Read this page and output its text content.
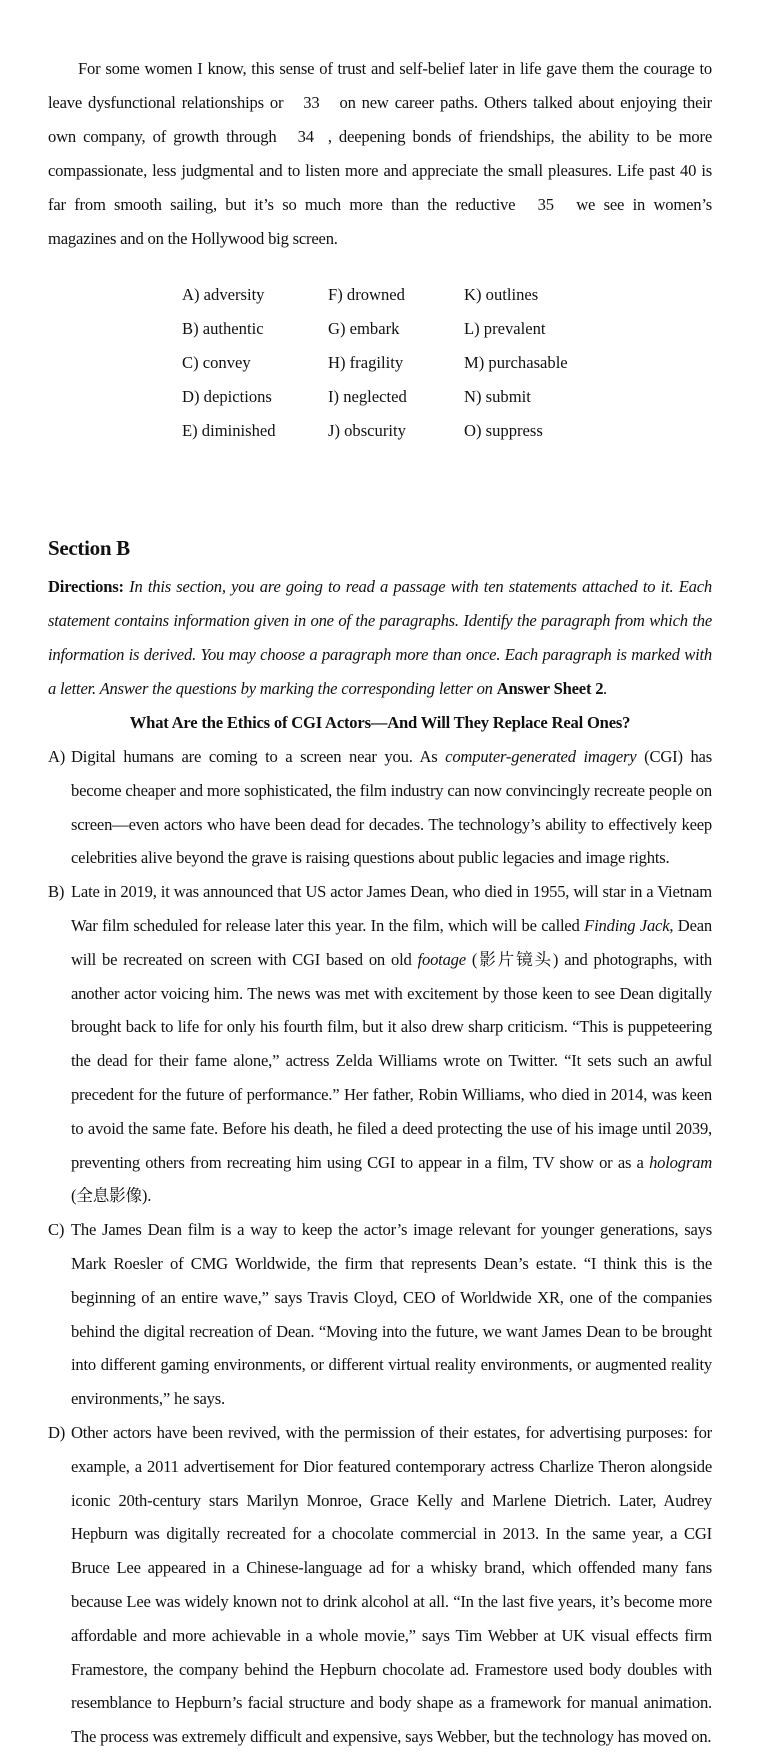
For some women I know, this sense of trust and self-belief later in life gave them the courage to leave dysfunctional relationships or 33 on new career paths. Others talked about enjoying their own company, of growth through 34 , deepening bonds of friendships, the ability to be more compassionate, less judgmental and to listen more and appreciate the small pleasures. Life past 40 is far from smooth sailing, but it’s so much more than the reductive 35 we see in women’s magazines and on the Hollywood big screen.
A) adversity	F) drowned	K) outlines
B) authentic	G) embark	L) prevalent
C) convey	H) fragility	M) purchasable
D) depictions	I) neglected	N) submit
E) diminished	J) obscurity	O) suppress
Section B
Directions: In this section, you are going to read a passage with ten statements attached to it. Each statement contains information given in one of the paragraphs. Identify the paragraph from which the information is derived. You may choose a paragraph more than once. Each paragraph is marked with a letter. Answer the questions by marking the corresponding letter on Answer Sheet 2.
What Are the Ethics of CGI Actors—And Will They Replace Real Ones?
A) Digital humans are coming to a screen near you. As computer-generated imagery (CGI) has become cheaper and more sophisticated, the film industry can now convincingly recreate people on screen—even actors who have been dead for decades. The technology’s ability to effectively keep celebrities alive beyond the grave is raising questions about public legacies and image rights.
B) Late in 2019, it was announced that US actor James Dean, who died in 1955, will star in a Vietnam War film scheduled for release later this year. In the film, which will be called Finding Jack, Dean will be recreated on screen with CGI based on old footage (影片镜头) and photographs, with another actor voicing him. The news was met with excitement by those keen to see Dean digitally brought back to life for only his fourth film, but it also drew sharp criticism. “This is puppeteering the dead for their fame alone,” actress Zelda Williams wrote on Twitter. “It sets such an awful precedent for the future of performance.” Her father, Robin Williams, who died in 2014, was keen to avoid the same fate. Before his death, he filed a deed protecting the use of his image until 2039, preventing others from recreating him using CGI to appear in a film, TV show or as a hologram (全息影像).
C) The James Dean film is a way to keep the actor’s image relevant for younger generations, says Mark Roesler of CMG Worldwide, the firm that represents Dean’s estate. “I think this is the beginning of an entire wave,” says Travis Cloyd, CEO of Worldwide XR, one of the companies behind the digital recreation of Dean. “Moving into the future, we want James Dean to be brought into different gaming environments, or different virtual reality environments, or augmented reality environments,” he says.
D) Other actors have been revived, with the permission of their estates, for advertising purposes: for example, a 2011 advertisement for Dior featured contemporary actress Charlize Theron alongside iconic 20th-century stars Marilyn Monroe, Grace Kelly and Marlene Dietrich. Later, Audrey Hepburn was digitally recreated for a chocolate commercial in 2013. In the same year, a CGI Bruce Lee appeared in a Chinese-language ad for a whisky brand, which offended many fans because Lee was widely known not to drink alcohol at all. “In the last five years, it’s become more affordable and more achievable in a whole movie,” says Tim Webber at UK visual effects firm Framestore, the company behind the Hepburn chocolate ad. Framestore used body doubles with resemblance to Hepburn’s facial structure and body shape as a framework for manual animation. The process was extremely difficult and expensive, says Webber, but the technology has moved on.
